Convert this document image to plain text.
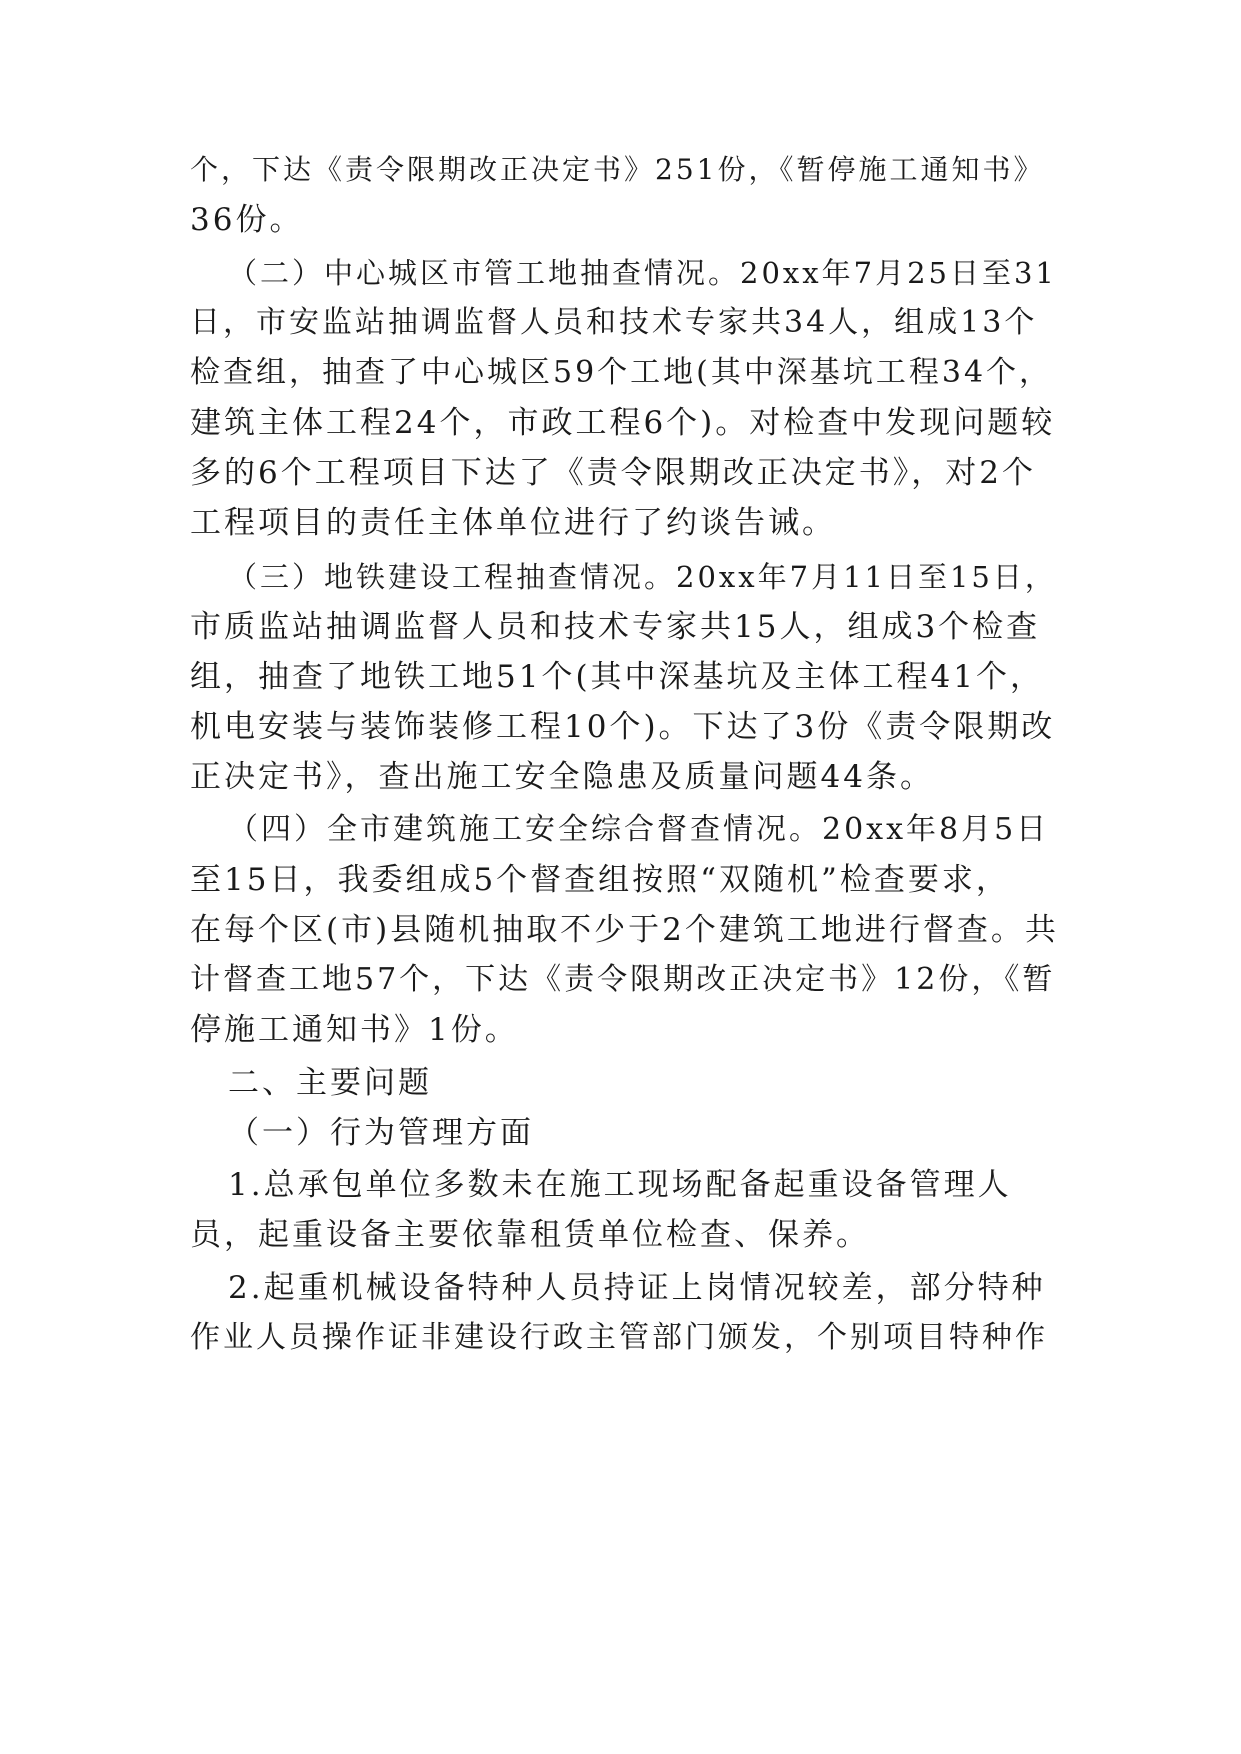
个，下达《责令限期改正决定书》251份，《暂停施工通知书》
36份。
（二）中心城区市管工地抽查情况。20xx年7月25日至31
日，市安监站抽调监督人员和技术专家共34人，组成13个
检查组，抽查了中心城区59个工地(其中深基坑工程34个，
建筑主体工程24个，市政工程6个)。对检查中发现问题较
多的6个工程项目下达了《责令限期改正决定书》，对2个
工程项目的责任主体单位进行了约谈告诫。
（三）地铁建设工程抽查情况。20xx年7月11日至15日，
市质监站抽调监督人员和技术专家共15人，组成3个检查
组，抽查了地铁工地51个(其中深基坑及主体工程41个，
机电安装与装饰装修工程10个)。下达了3份《责令限期改
正决定书》，查出施工安全隐患及质量问题44条。
（四）全市建筑施工安全综合督查情况。20xx年8月5日
至15日，我委组成5个督查组按照“双随机”检查要求，
在每个区(市)县随机抽取不少于2个建筑工地进行督查。共
计督查工地57个，下达《责令限期改正决定书》12份，《暂
停施工通知书》1份。
二、主要问题
（一）行为管理方面
1.总承包单位多数未在施工现场配备起重设备管理人
员，起重设备主要依靠租赁单位检查、保养。
2.起重机械设备特种人员持证上岗情况较差，部分特种
作业人员操作证非建设行政主管部门颁发，个别项目特种作
